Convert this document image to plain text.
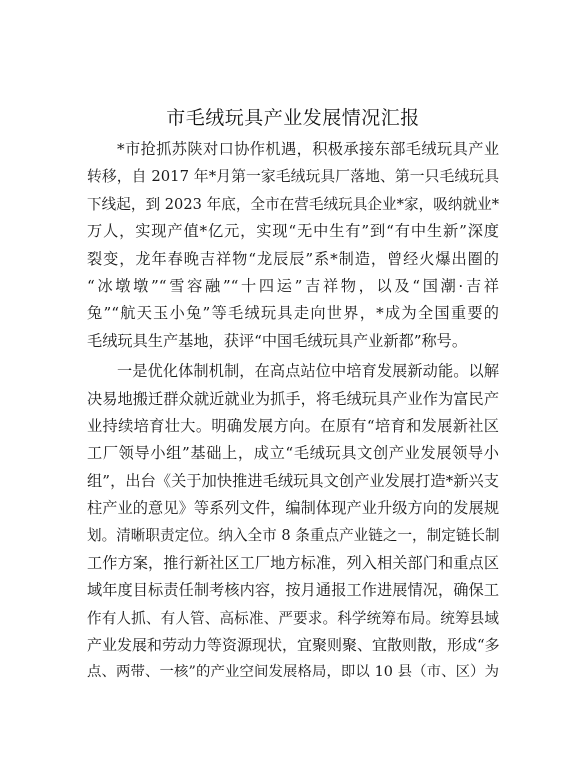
市毛绒玩具产业发展情况汇报
*市抢抓苏陕对口协作机遇，积极承接东部毛绒玩具产业
转移，自 2017 年*月第一家毛绒玩具厂落地、第一只毛绒玩具
下线起，到 2023 年底，全市在营毛绒玩具企业*家，吸纳就业*
万人，实现产值*亿元，实现“无中生有”到“有中生新”深度
裂变，龙年春晚吉祥物“龙辰辰”系*制造，曾经火爆出圈的
“冰墩墩”“雪容融”“十四运”吉祥物，以及“国潮·吉祥
兔”“航天玉小兔”等毛绒玩具走向世界，*成为全国重要的
毛绒玩具生产基地，获评“中国毛绒玩具产业新都”称号。
一是优化体制机制，在高点站位中培育发展新动能。以解
决易地搬迁群众就近就业为抓手，将毛绒玩具产业作为富民产
业持续培育壮大。明确发展方向。在原有“培育和发展新社区
工厂领导小组”基础上，成立“毛绒玩具文创产业发展领导小
组”，出台《关于加快推进毛绒玩具文创产业发展打造*新兴支
柱产业的意见》等系列文件，编制体现产业升级方向的发展规
划。清晰职责定位。纳入全市 8 条重点产业链之一，制定链长制
工作方案，推行新社区工厂地方标准，列入相关部门和重点区
域年度目标责任制考核内容，按月通报工作进展情况，确保工
作有人抓、有人管、高标准、严要求。科学统筹布局。统筹县域
产业发展和劳动力等资源现状，宜聚则聚、宜散则散，形成“多
点、两带、一核”的产业空间发展格局，即以 10 县（市、区）为
